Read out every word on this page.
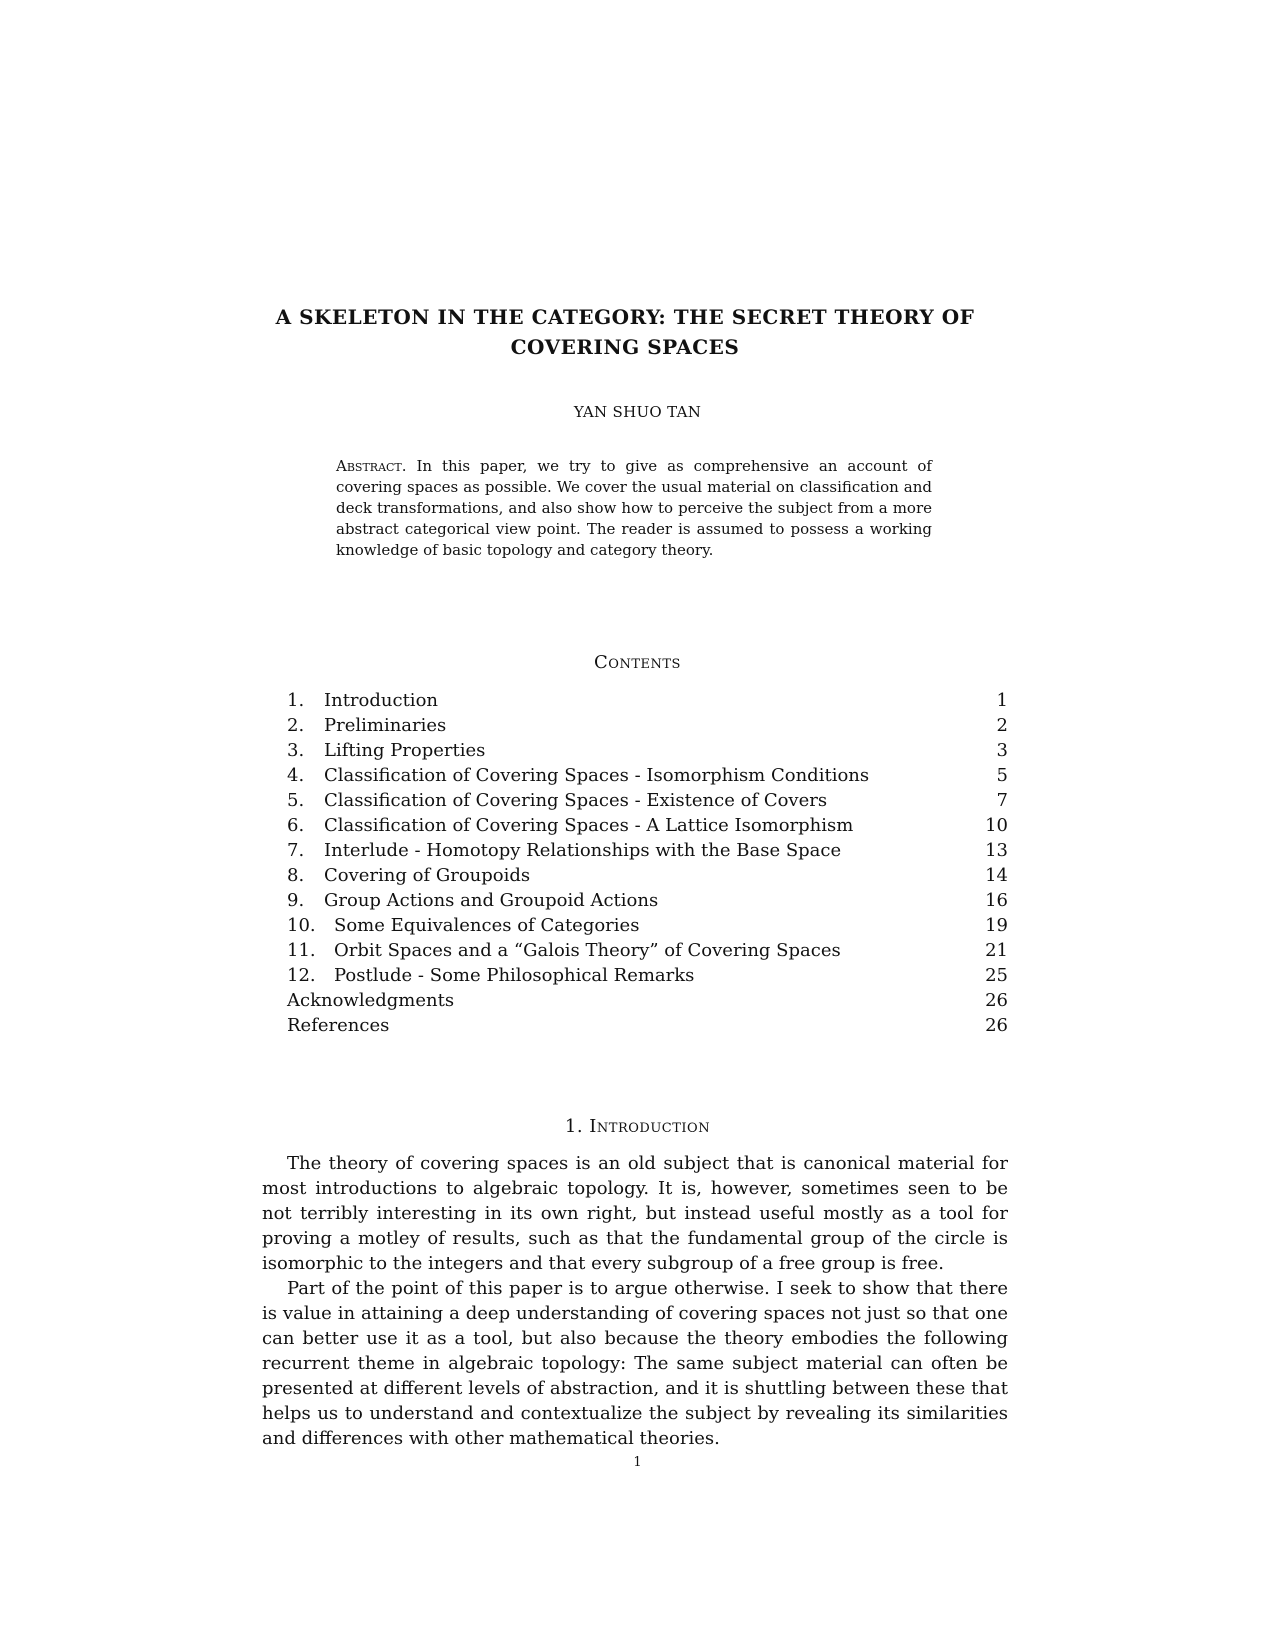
A SKELETON IN THE CATEGORY: THE SECRET THEORY OF COVERING SPACES
YAN SHUO TAN
Abstract. In this paper, we try to give as comprehensive an account of covering spaces as possible. We cover the usual material on classification and deck transformations, and also show how to perceive the subject from a more abstract categorical view point. The reader is assumed to possess a working knowledge of basic topology and category theory.
Contents
1.	Introduction	1
2.	Preliminaries	2
3.	Lifting Properties	3
4.	Classification of Covering Spaces - Isomorphism Conditions	5
5.	Classification of Covering Spaces - Existence of Covers	7
6.	Classification of Covering Spaces - A Lattice Isomorphism	10
7.	Interlude - Homotopy Relationships with the Base Space	13
8.	Covering of Groupoids	14
9.	Group Actions and Groupoid Actions	16
10.	Some Equivalences of Categories	19
11.	Orbit Spaces and a “Galois Theory” of Covering Spaces	21
12.	Postlude - Some Philosophical Remarks	25
Acknowledgments	26
References	26
1. Introduction

The theory of covering spaces is an old subject that is canonical material for most introductions to algebraic topology. It is, however, sometimes seen to be not terribly interesting in its own right, but instead useful mostly as a tool for proving a motley of results, such as that the fundamental group of the circle is isomorphic to the integers and that every subgroup of a free group is free.

Part of the point of this paper is to argue otherwise. I seek to show that there is value in attaining a deep understanding of covering spaces not just so that one can better use it as a tool, but also because the theory embodies the following recurrent theme in algebraic topology: The same subject material can often be presented at different levels of abstraction, and it is shuttling between these that helps us to understand and contextualize the subject by revealing its similarities and differences with other mathematical theories.

1
